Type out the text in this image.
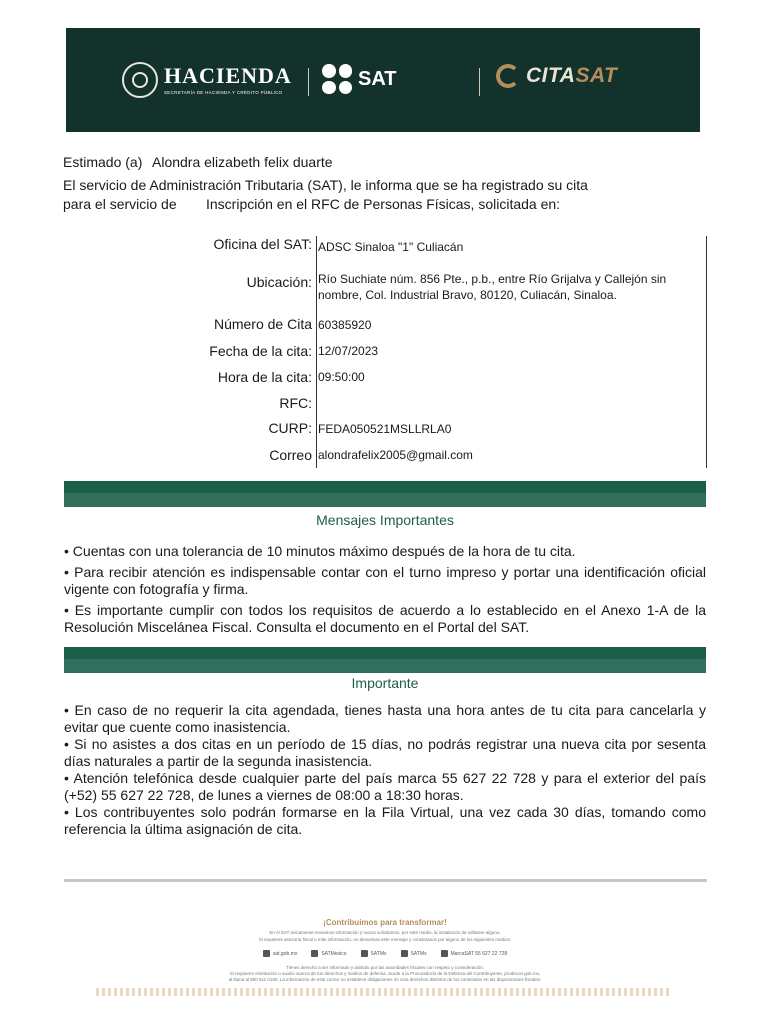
HACIENDA
SECRETARÍA DE HACIENDA Y CRÉDITO PÚBLICO
SAT	CITASAT
Estimado (a) Alondra elizabeth felix duarte
El servicio de Administración Tributaria (SAT), le informa que se ha registrado su cita
para el servicio de Inscripción en el RFC de Personas Físicas, solicitada en:
Oficina del SAT: ADSC Sinaloa "1" Culiacán
Ubicación: Río Suchiate núm. 856 Pte., p.b., entre Río Grijalva y Callejón sin
nombre, Col. Industrial Bravo, 80120, Culiacán, Sinaloa.
Número de Cita 60385920
Fecha de la cita: 12/07/2023
Hora de la cita: 09:50:00
RFC:
CURP: FEDA050521MSLLRLA0
Correo alondrafelix2005@gmail.com
Mensajes Importantes

• Cuentas con una tolerancia de 10 minutos máximo después de la hora de tu cita.

• Para recibir atención es indispensable contar con el turno impreso y portar una identificación oficial vigente con fotografía y firma.

• Es importante cumplir con todos los requisitos de acuerdo a lo establecido en el Anexo 1-A de la Resolución Miscelánea Fiscal. Consulta el documento en el Portal del SAT.

Importante

• En caso de no requerir la cita agendada, tienes hasta una hora antes de tu cita para cancelarla y evitar que cuente como inasistencia.

• Si no asistes a dos citas en un período de 15 días, no podrás registrar una nueva cita por sesenta días naturales a partir de la segunda inasistencia.

• Atención telefónica desde cualquier parte del país marca 55 627 22 728 y para el exterior del país (+52) 55 627 22 728, de lunes a viernes de 08:00 a 18:30 horas.

• Los contribuyentes solo podrán formarse en la Fila Virtual, una vez cada 30 días, tomando como referencia la última asignación de cita.

¡Contribuimos para transformar!
En el SAT únicamente enviamos información y nunca solicitamos, por este medio, la instalación de software alguno.
Si requieres asesoría fiscal o más información, no devuelvas este mensaje y contáctanos por alguno de los siguientes medios:
sat.gob.mx	SATMexico	SATMx	SATMx	MarcaSAT 55 627 22 728
Tienes derecho a ser informado y asistido por las autoridades fiscales con respeto y consideración.
Si requieres orientación o auxilio acerca de tus derechos y medios de defensa, acude a la Procuraduría de la Defensa del Contribuyente, prodecon.gob.mx,
al llama al 800 611 0190. La información de este correo no establece obligaciones mi crea derechos distintos de los contenidos en las disposiciones fiscales.
